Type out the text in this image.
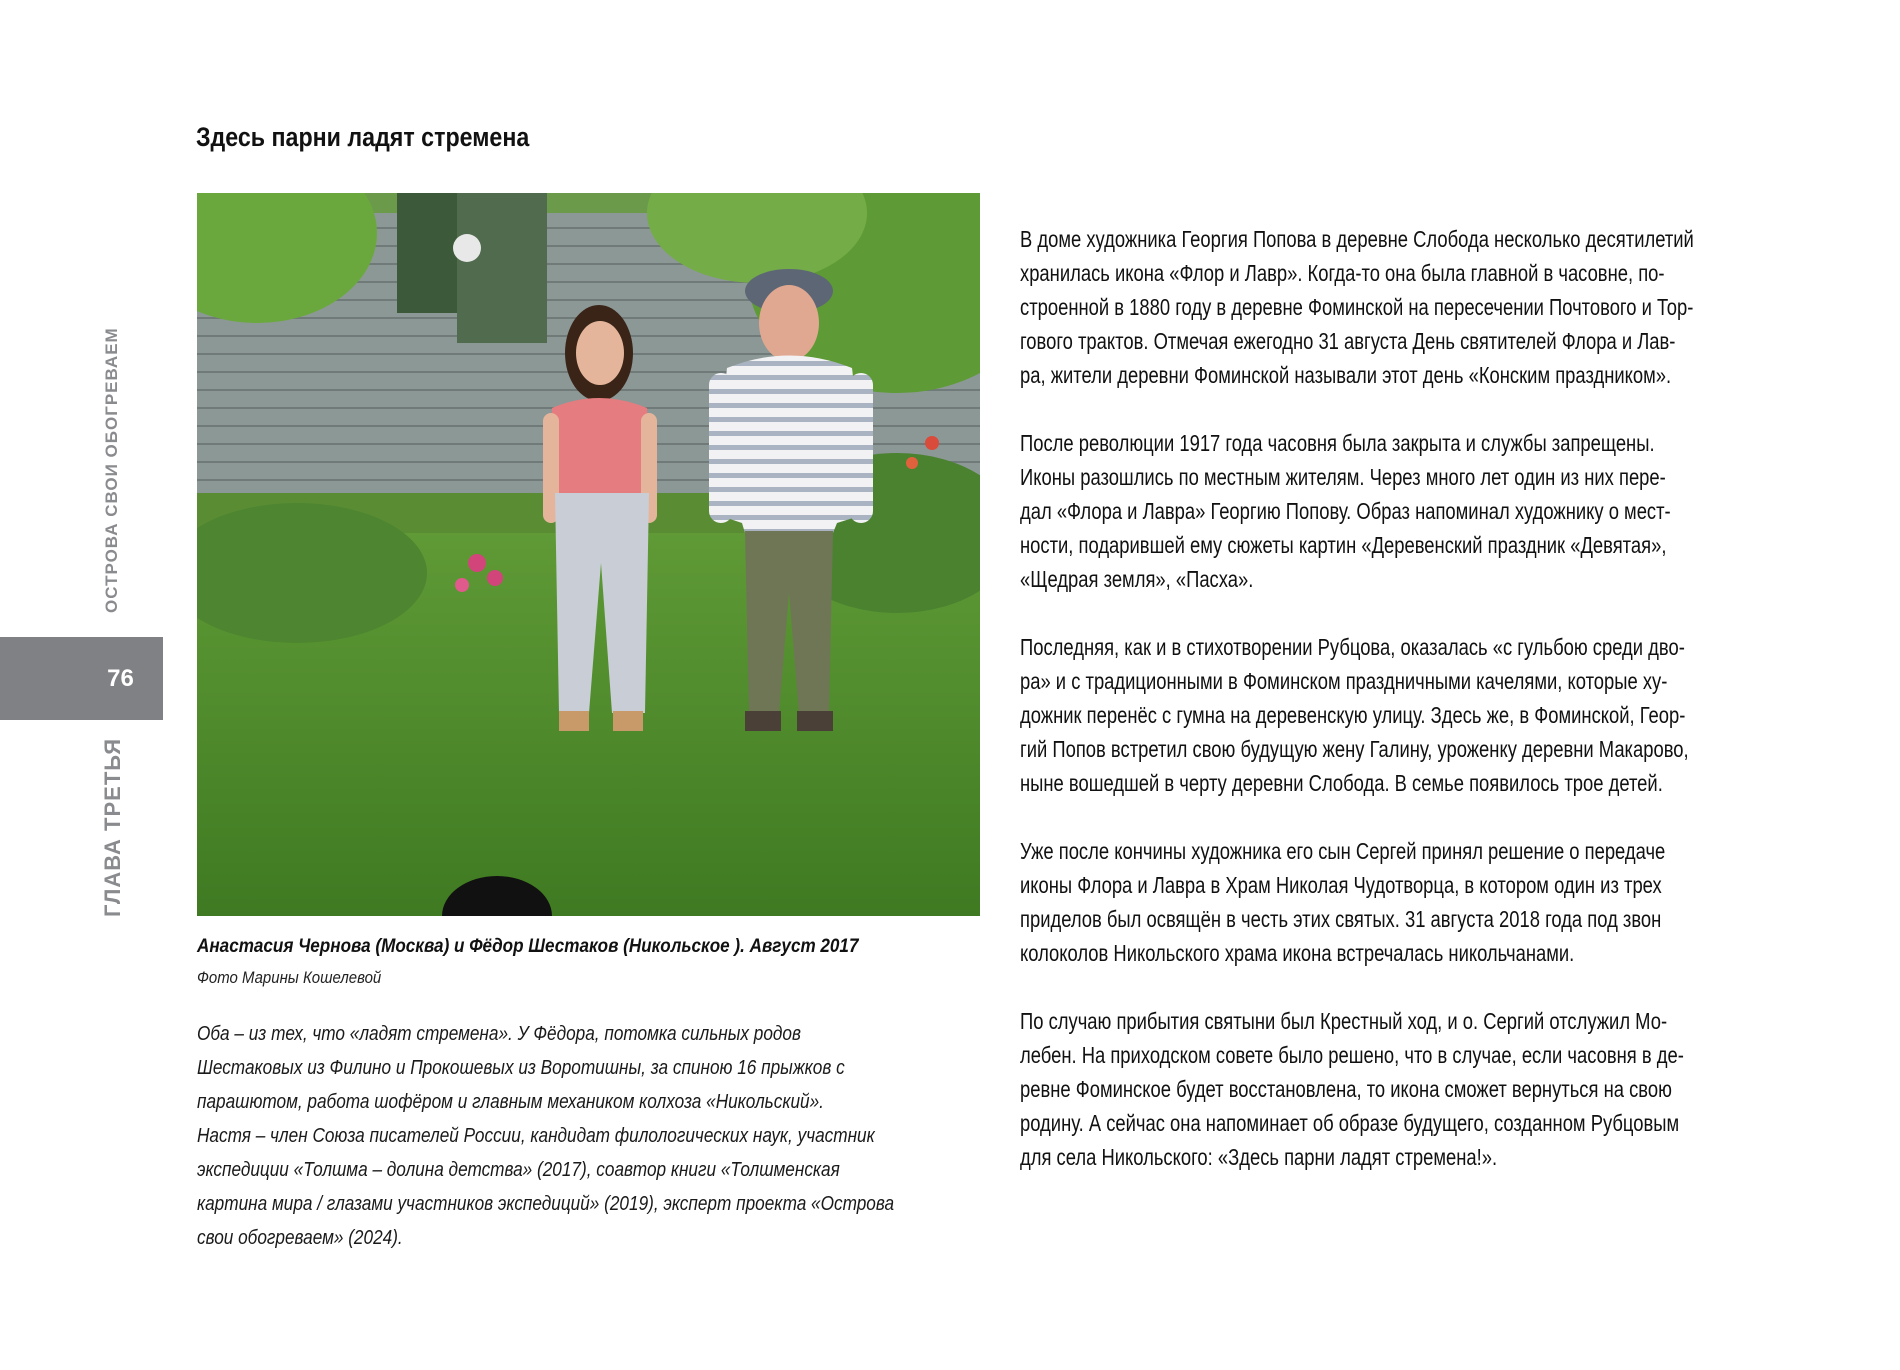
ОСТРОВА СВОИ ОБОГРЕВАЕМ
ГЛАВА ТРЕТЬЯ
76
Здесь парни ладят стремена
Анастасия Чернова (Москва) и Фёдор Шестаков (Никольское ). Август 2017
Фото Марины Кошелевой
Оба – из тех, что «ладят стремена». У Фёдора, потомка сильных родов
Шестаковых из Филино и Прокошевых из Воротишны, за спиною 16 прыжков с
парашютом, работа шофёром и главным механиком колхоза «Никольский».
Настя – член Союза писателей России, кандидат филологических наук, участник
экспедиции «Толшма – долина детства» (2017), соавтор книги «Толшменская
картина мира / глазами участников экспедиций» (2019), эксперт проекта «Острова
свои обогреваем» (2024).
В доме художника Георгия Попова в деревне Слобода несколько десятилетий
хранилась икона «Флор и Лавр». Когда-то она была главной в часовне, по-
строенной в 1880 году в деревне Фоминской на пересечении Почтового и Тор-
гового трактов. Отмечая ежегодно 31 августа День святителей Флора и Лав-
ра, жители деревни Фоминской называли этот день «Конским праздником».
После революции 1917 года часовня была закрыта и службы запрещены.
Иконы разошлись по местным жителям. Через много лет один из них пере-
дал «Флора и Лавра» Георгию Попову. Образ напоминал художнику о мест-
ности, подарившей ему сюжеты картин «Деревенский праздник «Девятая»,
«Щедрая земля», «Пасха».
Последняя, как и в стихотворении Рубцова, оказалась «с гульбою среди дво-
ра» и с традиционными в Фоминском праздничными качелями, которые ху-
дожник перенёс с гумна на деревенскую улицу. Здесь же, в Фоминской, Геор-
гий Попов встретил свою будущую жену Галину, уроженку деревни Макарово,
ныне вошедшей в черту деревни Слобода. В семье появилось трое детей.
Уже после кончины художника его сын Сергей принял решение о передаче
иконы Флора и Лавра в Храм Николая Чудотворца, в котором один из трех
приделов был освящён в честь этих святых. 31 августа 2018 года под звон
колоколов Никольского храма икона встречалась никольчанами.
По случаю прибытия святыни был Крестный ход, и о. Сергий отслужил Мо-
лебен. На приходском совете было решено, что в случае, если часовня в де-
ревне Фоминское будет восстановлена, то икона сможет вернуться на свою
родину. А сейчас она напоминает об образе будущего, созданном Рубцовым
для села Никольского: «Здесь парни ладят стремена!».
